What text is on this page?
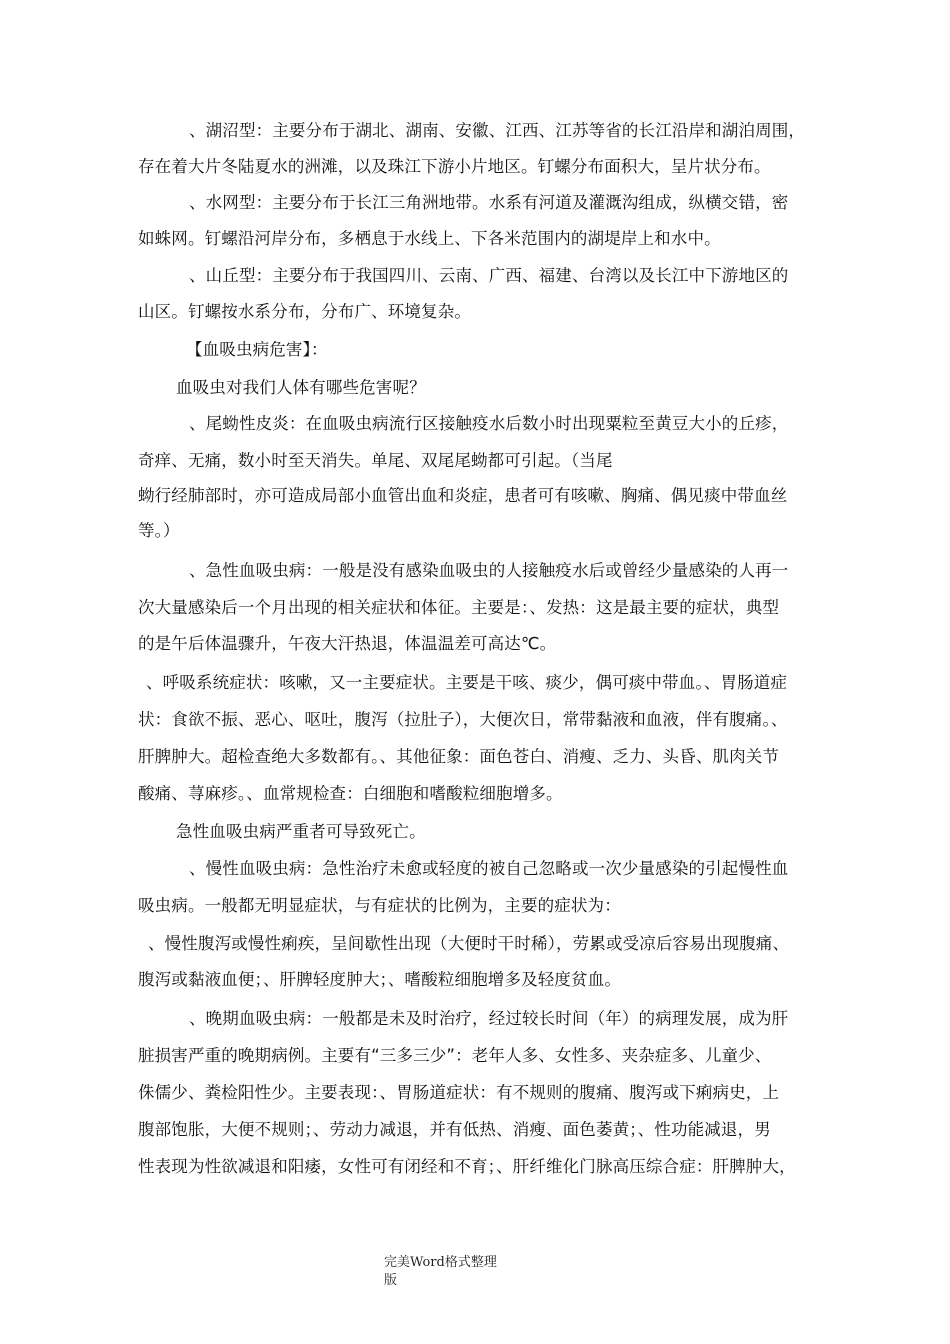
、湖沼型：主要分布于湖北、湖南、安徽、江西、江苏等省的长江沿岸和湖泊周围，
存在着大片冬陆夏水的洲滩，以及珠江下游小片地区。钉螺分布面积大，呈片状分布。
、水网型：主要分布于长江三角洲地带。水系有河道及灌溉沟组成，纵横交错，密
如蛛网。钉螺沿河岸分布，多栖息于水线上、下各米范围内的湖堤岸上和水中。
、山丘型：主要分布于我国四川、云南、广西、福建、台湾以及长江中下游地区的
山区。钉螺按水系分布，分布广、环境复杂。
【血吸虫病危害】：
血吸虫对我们人体有哪些危害呢？
、尾蚴性皮炎：在血吸虫病流行区接触疫水后数小时出现粟粒至黄豆大小的丘疹，
奇痒、无痛，数小时至天消失。单尾、双尾尾蚴都可引起。（当尾
蚴行经肺部时，亦可造成局部小血管出血和炎症，患者可有咳嗽、胸痛、偶见痰中带血丝
等。）
、急性血吸虫病：一般是没有感染血吸虫的人接触疫水后或曾经少量感染的人再一
次大量感染后一个月出现的相关症状和体征。主要是：、发热：这是最主要的症状，典型
的是午后体温骤升，午夜大汗热退，体温温差可高达℃。
、呼吸系统症状：咳嗽，又一主要症状。主要是干咳、痰少，偶可痰中带血。、胃肠道症
状：食欲不振、恶心、呕吐，腹泻（拉肚子），大便次日，常带黏液和血液，伴有腹痛。、
肝脾肿大。超检查绝大多数都有。、其他征象：面色苍白、消瘦、乏力、头昏、肌肉关节
酸痛、荨麻疹。、血常规检查：白细胞和嗜酸粒细胞增多。
急性血吸虫病严重者可导致死亡。
、慢性血吸虫病：急性治疗未愈或轻度的被自己忽略或一次少量感染的引起慢性血
吸虫病。一般都无明显症状，与有症状的比例为，主要的症状为：
、慢性腹泻或慢性痢疾，呈间歇性出现（大便时干时稀），劳累或受凉后容易出现腹痛、
腹泻或黏液血便；、肝脾轻度肿大；、嗜酸粒细胞增多及轻度贫血。
、晚期血吸虫病：一般都是未及时治疗，经过较长时间（年）的病理发展，成为肝
脏损害严重的晚期病例。主要有“三多三少”：老年人多、女性多、夹杂症多、儿童少、
侏儒少、粪检阳性少。主要表现：、胃肠道症状：有不规则的腹痛、腹泻或下痢病史，上
腹部饱胀，大便不规则；、劳动力减退，并有低热、消瘦、面色萎黄；、性功能减退，男
性表现为性欲减退和阳痿，女性可有闭经和不育；、肝纤维化门脉高压综合症：肝脾肿大，
完美Word格式整理
版
